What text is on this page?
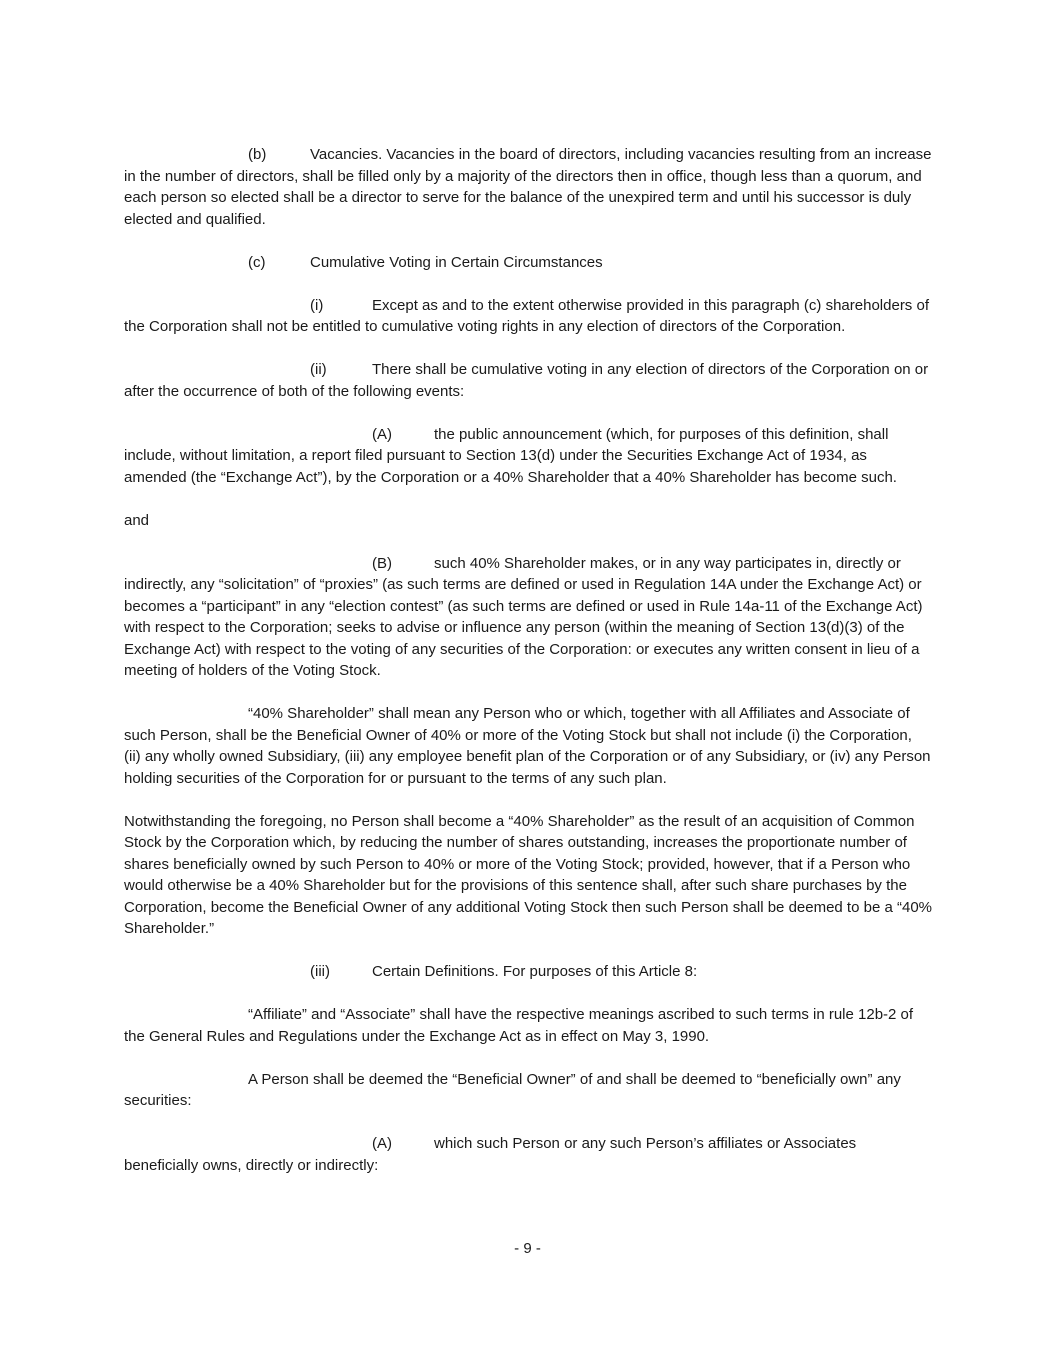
(b)	Vacancies. Vacancies in the board of directors, including vacancies resulting from an increase in the number of directors, shall be filled only by a majority of the directors then in office, though less than a quorum, and each person so elected shall be a director to serve for the balance of the unexpired term and until his successor is duly elected and qualified.

(c)	Cumulative Voting in Certain Circumstances

(i)	Except as and to the extent otherwise provided in this paragraph (c) shareholders of the Corporation shall not be entitled to cumulative voting rights in any election of directors of the Corporation.

(ii)	There shall be cumulative voting in any election of directors of the Corporation on or after the occurrence of both of the following events:

(A)	the public announcement (which, for purposes of this definition, shall include, without limitation, a report filed pursuant to Section 13(d) under the Securities Exchange Act of 1934, as amended (the “Exchange Act”), by the Corporation or a 40% Shareholder that a 40% Shareholder has become such.

and

(B)	such 40% Shareholder makes, or in any way participates in, directly or indirectly, any “solicitation” of “proxies” (as such terms are defined or used in Regulation 14A under the Exchange Act) or becomes a “participant” in any “election contest” (as such terms are defined or used in Rule 14a-11 of the Exchange Act) with respect to the Corporation; seeks to advise or influence any person (within the meaning of Section 13(d)(3) of the Exchange Act) with respect to the voting of any securities of the Corporation: or executes any written consent in lieu of a meeting of holders of the Voting Stock.

“40% Shareholder” shall mean any Person who or which, together with all Affiliates and Associate of such Person, shall be the Beneficial Owner of 40% or more of the Voting Stock but shall not include (i) the Corporation, (ii) any wholly owned Subsidiary, (iii) any employee benefit plan of the Corporation or of any Subsidiary, or (iv) any Person holding securities of the Corporation for or pursuant to the terms of any such plan.

Notwithstanding the foregoing, no Person shall become a “40% Shareholder” as the result of an acquisition of Common Stock by the Corporation which, by reducing the number of shares outstanding, increases the proportionate number of shares beneficially owned by such Person to 40% or more of the Voting Stock; provided, however, that if a Person who would otherwise be a 40% Shareholder but for the provisions of this sentence shall, after such share purchases by the Corporation, become the Beneficial Owner of any additional Voting Stock then such Person shall be deemed to be a “40% Shareholder.”

(iii)	Certain Definitions. For purposes of this Article 8:

“Affiliate” and “Associate” shall have the respective meanings ascribed to such terms in rule 12b-2 of the General Rules and Regulations under the Exchange Act as in effect on May 3, 1990.

A Person shall be deemed the “Beneficial Owner” of and shall be deemed to “beneficially own” any securities:

(A)	which such Person or any such Person’s affiliates or Associates beneficially owns, directly or indirectly:

- 9 -
